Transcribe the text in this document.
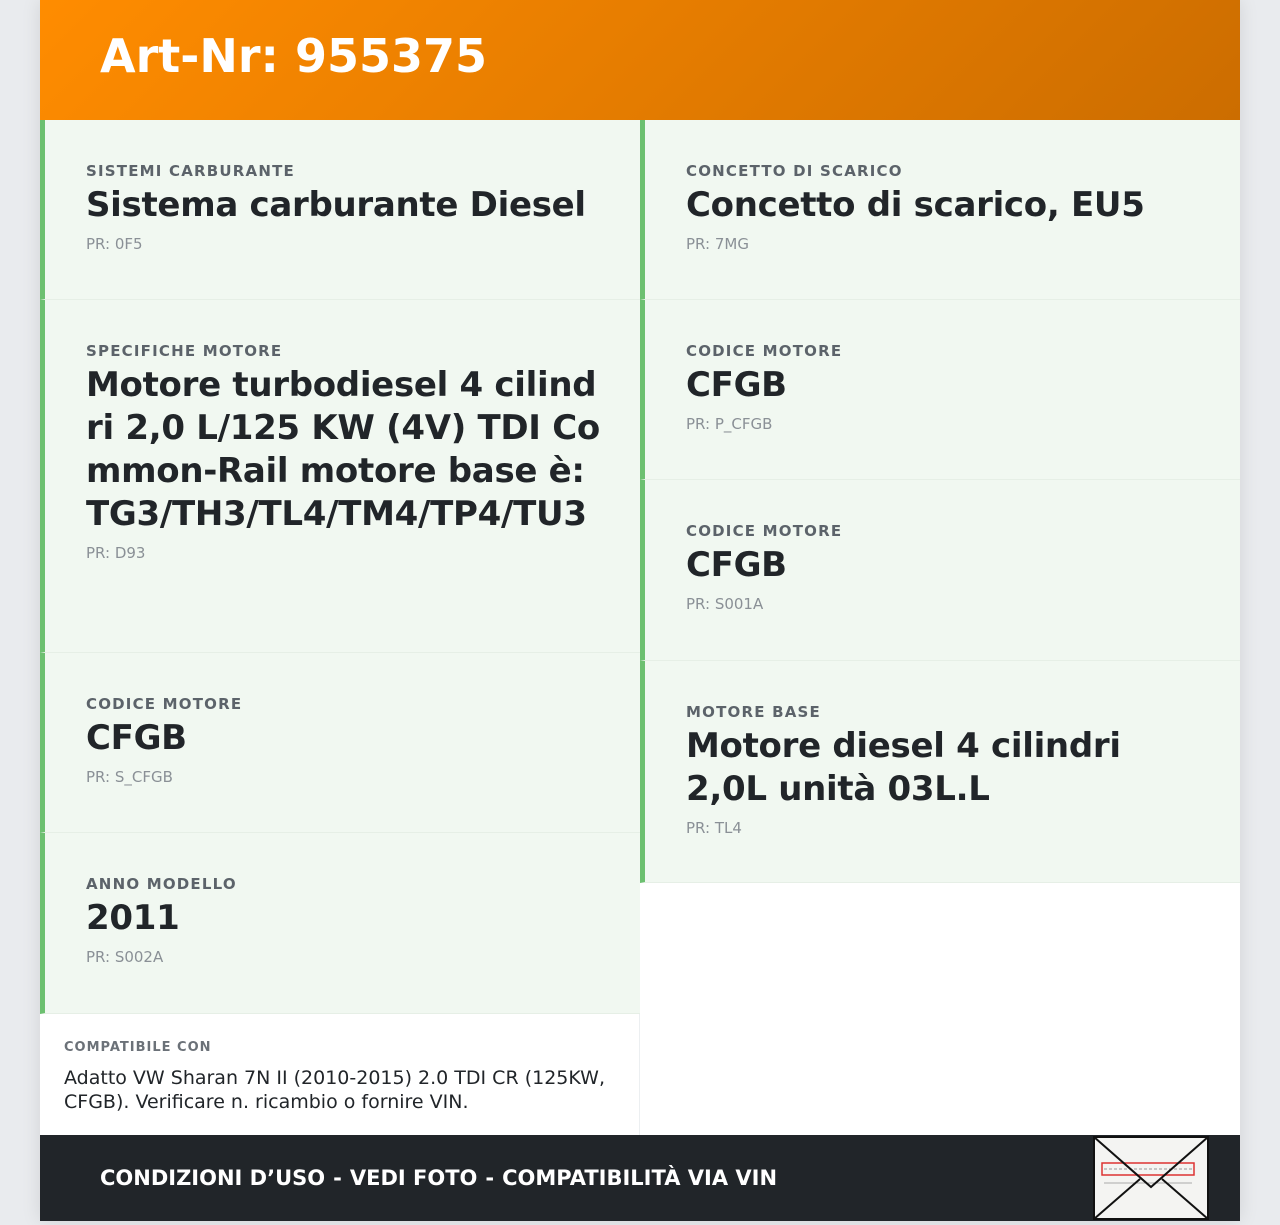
Art-Nr: 955375
SISTEMI CARBURANTE
Sistema carburante Diesel
PR: 0F5
SPECIFICHE MOTORE
Motore turbodiesel 4 cilindri 2,0 L/125 KW (4V) TDI Common-Rail motore base è: TG3/TH3/TL4/TM4/TP4/TU3
PR: D93
CODICE MOTORE
CFGB
PR: S_CFGB
ANNO MODELLO
2011
PR: S002A
CONCETTO DI SCARICO
Concetto di scarico, EU5
PR: 7MG
CODICE MOTORE
CFGB
PR: P_CFGB
CODICE MOTORE
CFGB
PR: S001A
MOTORE BASE
Motore diesel 4 cilindri 2,0L unità 03L.L
PR: TL4
COMPATIBILE CON
Adatto VW Sharan 7N II (2010-2015) 2.0 TDI CR (125KW, CFGB). Verificare n. ricambio o fornire VIN.
CONDIZIONI D’USO - VEDI FOTO - COMPATIBILITÀ VIA VIN
